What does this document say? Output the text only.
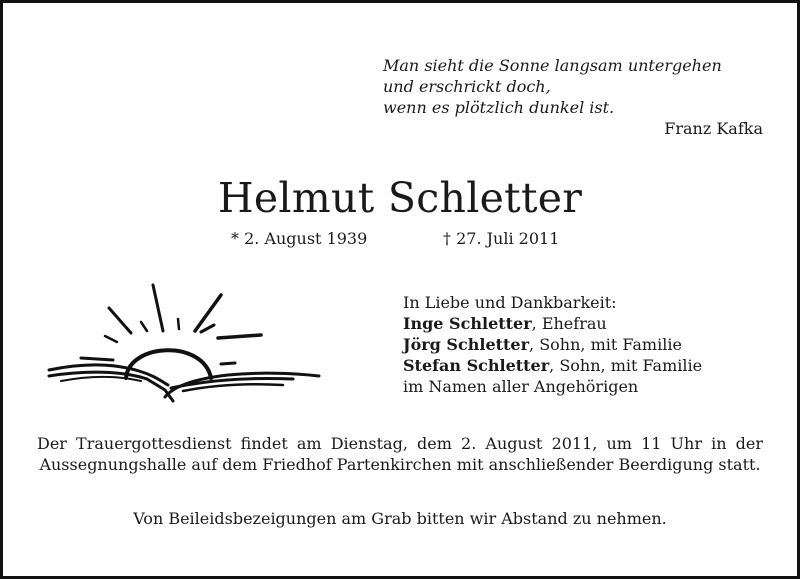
Man sieht die Sonne langsam untergehen
und erschrickt doch,
wenn es plötzlich dunkel ist.
Franz Kafka
Helmut Schletter
* 2. August 1939	† 27. Juli 2011
In Liebe und Dankbarkeit:
Inge Schletter, Ehefrau
Jörg Schletter, Sohn, mit Familie
Stefan Schletter, Sohn, mit Familie
im Namen aller Angehörigen
Der Trauergottesdienst findet am Dienstag, dem 2. August 2011, um 11 Uhr in der Aussegnungshalle auf dem Friedhof Partenkirchen mit anschließender Beerdigung statt.
Von Beileidsbezeigungen am Grab bitten wir Abstand zu nehmen.
